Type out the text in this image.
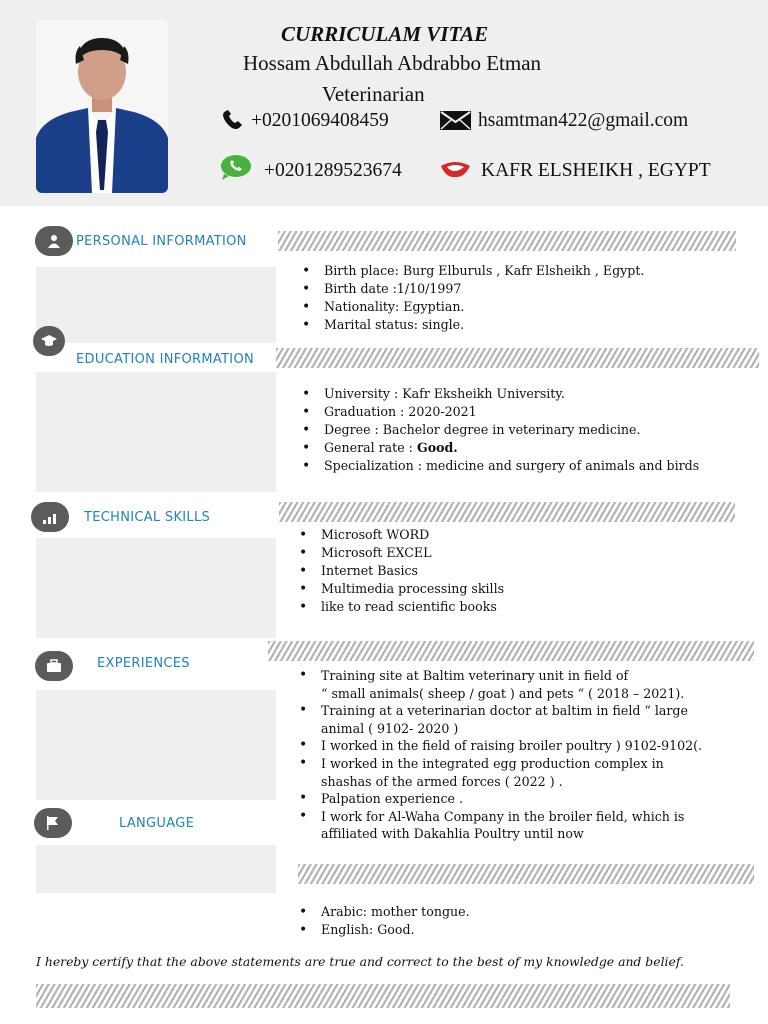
CURRICULAM VITAE
Hossam Abdullah Abdrabbo Etman
Veterinarian
+0201069408459	hsamtman422@gmail.com
+0201289523674	KAFR ELSHEIKH , EGYPT
PERSONAL INFORMATION
• Birth place: Burg Elburuls , Kafr Elsheikh , Egypt.
• Birth date :1/10/1997
• Nationality: Egyptian.
• Marital status: single.
EDUCATION INFORMATION
• University : Kafr Eksheikh University.
• Graduation : 2020-2021
• Degree : Bachelor degree in veterinary medicine.
• General rate : Good.
• Specialization : medicine and surgery of animals and birds
TECHNICAL SKILLS
• Microsoft WORD
• Microsoft EXCEL
• Internet Basics
• Multimedia processing skills
• like to read scientific books
EXPERIENCES
• Training site at Baltim veterinary unit in field of
“ small animals( sheep / goat ) and pets “ ( 2018 – 2021).
• Training at a veterinarian doctor at baltim in field “ large
animal ( 9102- 2020 )
• I worked in the field of raising broiler poultry ) 9102-9102(.
• I worked in the integrated egg production complex in
shashas of the armed forces ( 2022 ) .
• Palpation experience .
• I work for Al-Waha Company in the broiler field, which is
affiliated with Dakahlia Poultry until now
LANGUAGE
• Arabic: mother tongue.
• English: Good.
I hereby certify that the above statements are true and correct to the best of my knowledge and belief.
